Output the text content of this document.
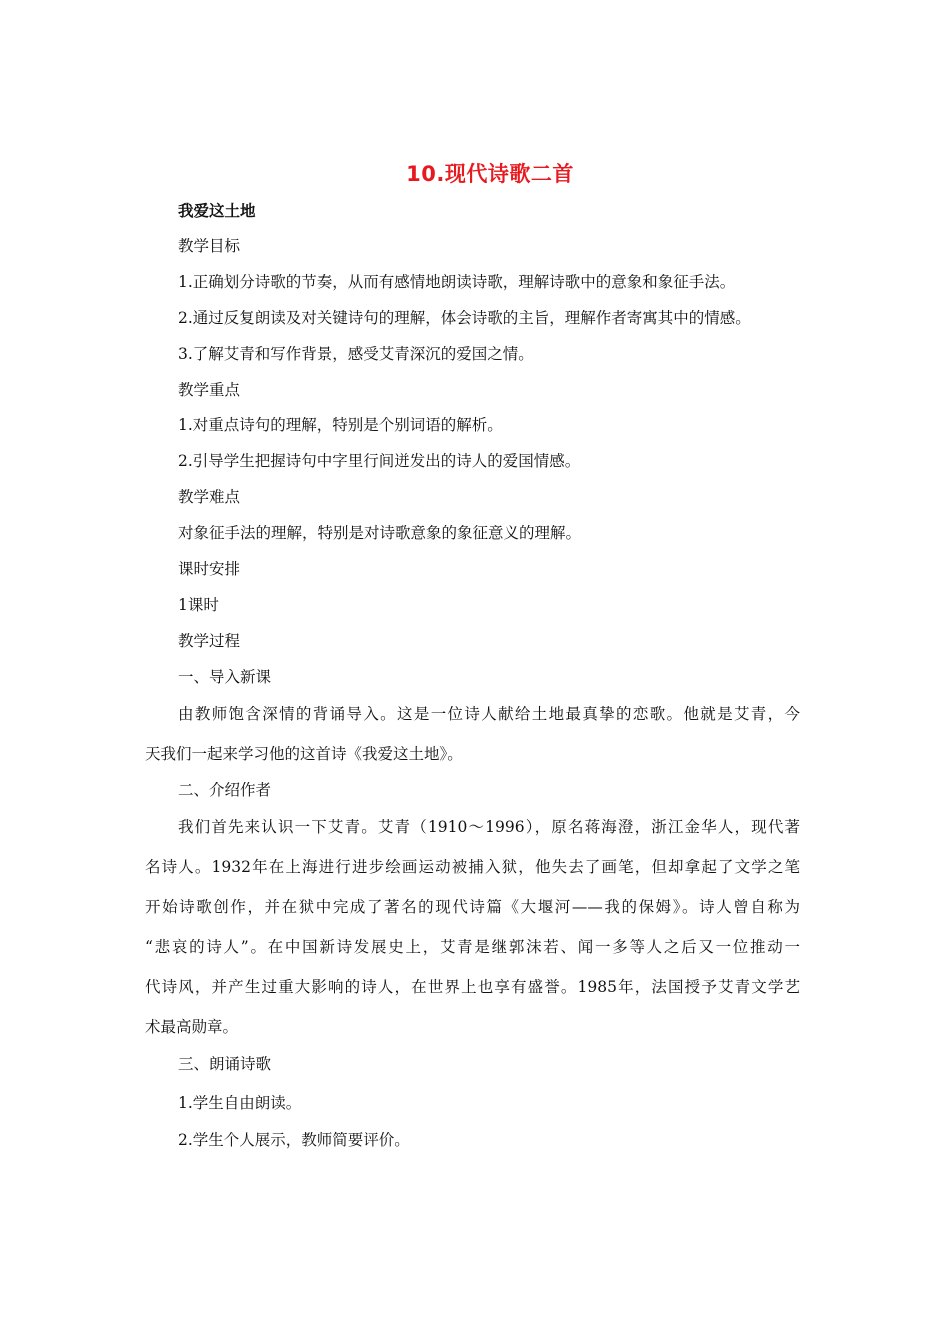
10.现代诗歌二首
我爱这土地
教学目标
1.正确划分诗歌的节奏，从而有感情地朗读诗歌，理解诗歌中的意象和象征手法。
2.通过反复朗读及对关键诗句的理解，体会诗歌的主旨，理解作者寄寓其中的情感。
3.了解艾青和写作背景，感受艾青深沉的爱国之情。
教学重点
1.对重点诗句的理解，特别是个别词语的解析。
2.引导学生把握诗句中字里行间迸发出的诗人的爱国情感。
教学难点
对象征手法的理解，特别是对诗歌意象的象征意义的理解。
课时安排
1课时
教学过程
一、导入新课
由教师饱含深情的背诵导入。这是一位诗人献给土地最真挚的恋歌。他就是艾青，今
天我们一起来学习他的这首诗《我爱这土地》。
二、介绍作者
我们首先来认识一下艾青。艾青（1910～1996），原名蒋海澄，浙江金华人，现代著
名诗人。1932年在上海进行进步绘画运动被捕入狱，他失去了画笔，但却拿起了文学之笔
开始诗歌创作，并在狱中完成了著名的现代诗篇《大堰河——我的保姆》。诗人曾自称为
“悲哀的诗人”。在中国新诗发展史上，艾青是继郭沫若、闻一多等人之后又一位推动一
代诗风，并产生过重大影响的诗人，在世界上也享有盛誉。1985年，法国授予艾青文学艺
术最高勋章。
三、朗诵诗歌
1.学生自由朗读。
2.学生个人展示，教师简要评价。
